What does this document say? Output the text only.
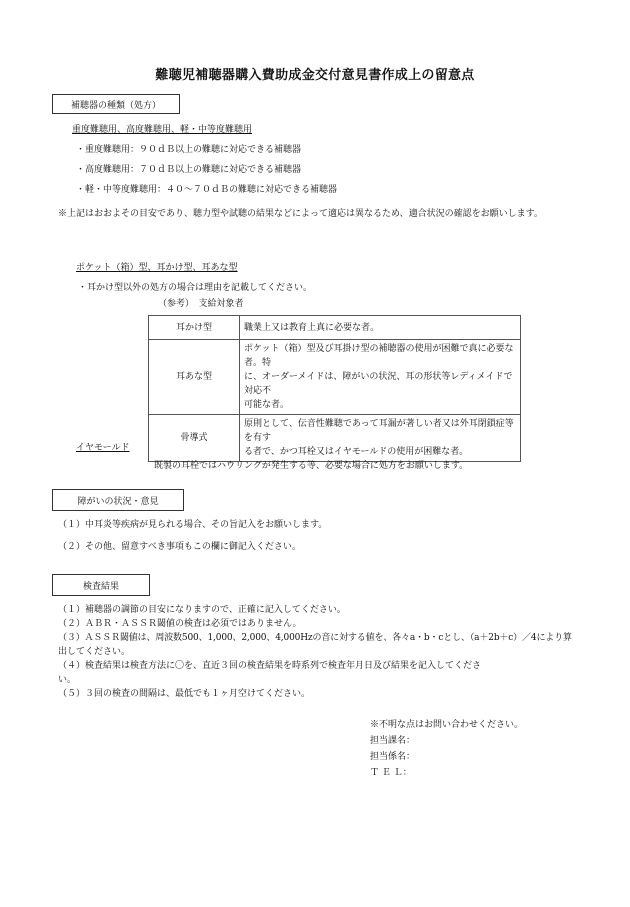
難聴児補聴器購入費助成金交付意見書作成上の留意点
補聴器の種類（処方）
重度難聴用、高度難聴用、軽・中等度難聴用
・重度難聴用：９０ｄＢ以上の難聴に対応できる補聴器
・高度難聴用：７０ｄＢ以上の難聴に対応できる補聴器
・軽・中等度難聴用：４０～７０ｄＢの難聴に対応できる補聴器
※上記はおおよその目安であり、聴力型や試聴の結果などによって適応は異なるため、適合状況の確認をお願いします。
ポケット（箱）型、耳かけ型、耳あな型
・耳かけ型以外の処方の場合は理由を記載してください。
（参考）　支給対象者
耳かけ型	職業上又は教育上真に必要な者。

耳あな型	ポケット（箱）型及び耳掛け型の補聴器の使用が困難で真に必要な者。特
に、オーダーメイドは、障がいの状況、耳の形状等レディメイドで対応不
可能な者。

骨導式	原則として、伝音性難聴であって耳漏が著しい者又は外耳閉鎖症等を有す
る者で、かつ耳栓又はイヤモールドの使用が困難な者。
イヤモールド
既製の耳栓ではハウリングが発生する等、必要な場合に処方をお願いします。
障がいの状況・意見
（１）中耳炎等疾病が見られる場合、その旨記入をお願いします。
（２）その他、留意すべき事項もこの欄に御記入ください。
検査結果
（１）補聴器の調節の目安になりますので、正確に記入してください。
（２）ＡＢＲ・ＡＳＳＲ閾値の検査は必須ではありません。
（３）ＡＳＳＲ閾値は、周波数500、1,000、2,000、4,000Hzの音に対する値を、各々a・b・cとし、（a＋2b＋c）／4により算
出してください。
（４）検査結果は検査方法に〇を、直近３回の検査結果を時系列で検査年月日及び結果を記入してくださ
い。
（５）３回の検査の間隔は、最低でも１ヶ月空けてください。
※不明な点はお問い合わせください。
担当課名：
担当係名：
Ｔ Ｅ Ｌ：
